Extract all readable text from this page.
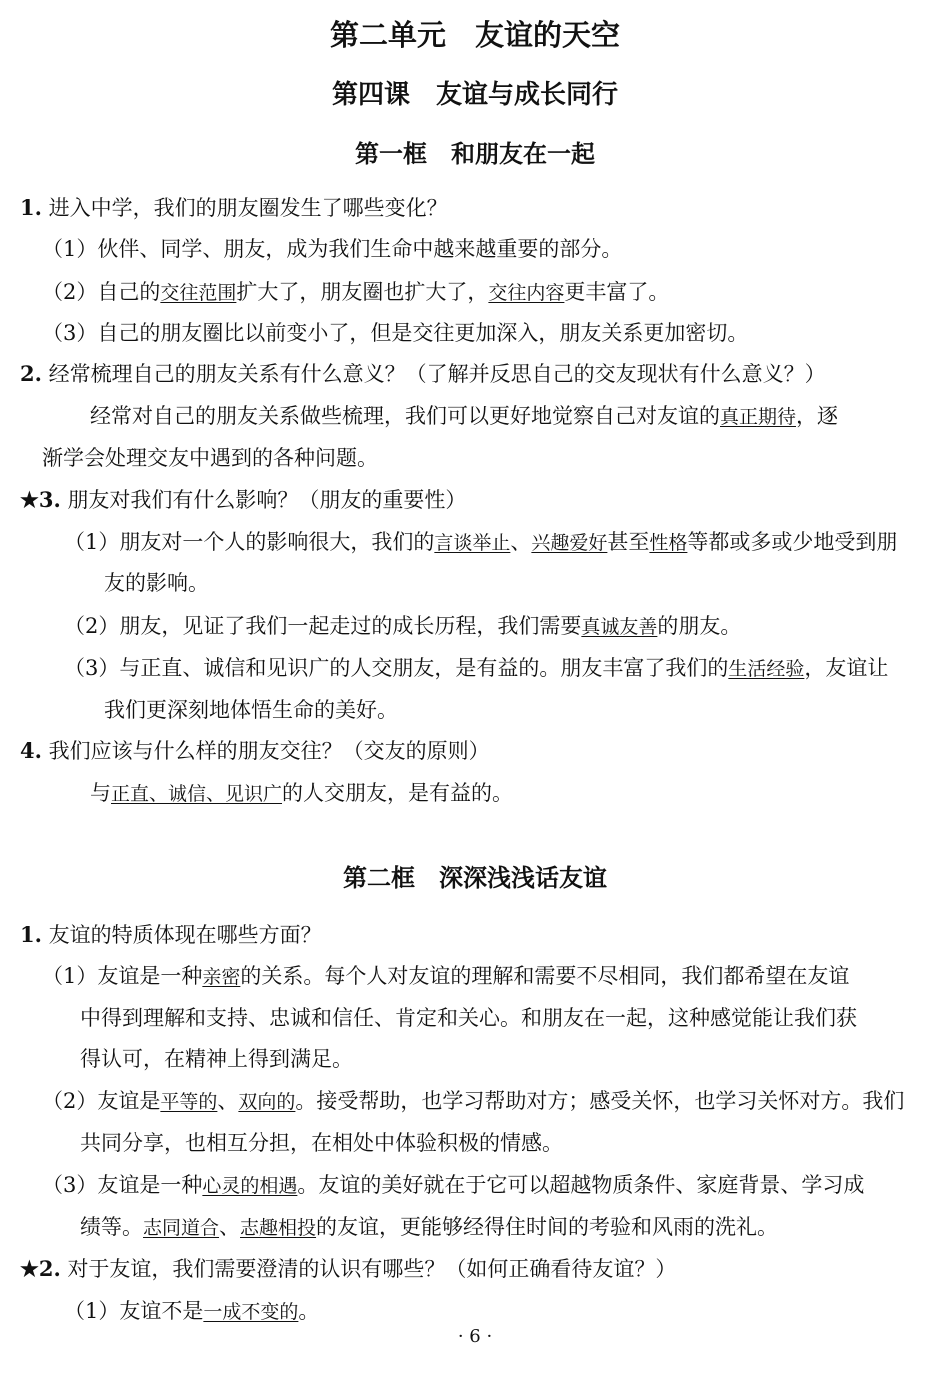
第二单元　友谊的天空
第四课　友谊与成长同行
第一框　和朋友在一起
1. 进入中学，我们的朋友圈发生了哪些变化？
（1）伙伴、同学、朋友，成为我们生命中越来越重要的部分。
（2）自己的交往范围扩大了，朋友圈也扩大了，交往内容更丰富了。
（3）自己的朋友圈比以前变小了，但是交往更加深入，朋友关系更加密切。
2. 经常梳理自己的朋友关系有什么意义？（了解并反思自己的交友现状有什么意义？）
经常对自己的朋友关系做些梳理，我们可以更好地觉察自己对友谊的真正期待，逐
渐学会处理交友中遇到的各种问题。
★3. 朋友对我们有什么影响？（朋友的重要性）
（1）朋友对一个人的影响很大，我们的言谈举止、兴趣爱好甚至性格等都或多或少地受到朋
友的影响。
（2）朋友，见证了我们一起走过的成长历程，我们需要真诚友善的朋友。
（3）与正直、诚信和见识广的人交朋友，是有益的。朋友丰富了我们的生活经验，友谊让
我们更深刻地体悟生命的美好。
4. 我们应该与什么样的朋友交往？（交友的原则）
与正直、诚信、见识广的人交朋友，是有益的。
第二框　深深浅浅话友谊
1. 友谊的特质体现在哪些方面？
（1）友谊是一种亲密的关系。每个人对友谊的理解和需要不尽相同，我们都希望在友谊
中得到理解和支持、忠诚和信任、肯定和关心。和朋友在一起，这种感觉能让我们获
得认可，在精神上得到满足。
（2）友谊是平等的、双向的。接受帮助，也学习帮助对方；感受关怀，也学习关怀对方。我们
共同分享，也相互分担，在相处中体验积极的情感。
（3）友谊是一种心灵的相遇。友谊的美好就在于它可以超越物质条件、家庭背景、学习成
绩等。志同道合、志趣相投的友谊，更能够经得住时间的考验和风雨的洗礼。
★2. 对于友谊，我们需要澄清的认识有哪些？（如何正确看待友谊？）
（1）友谊不是一成不变的。
· 6 ·
